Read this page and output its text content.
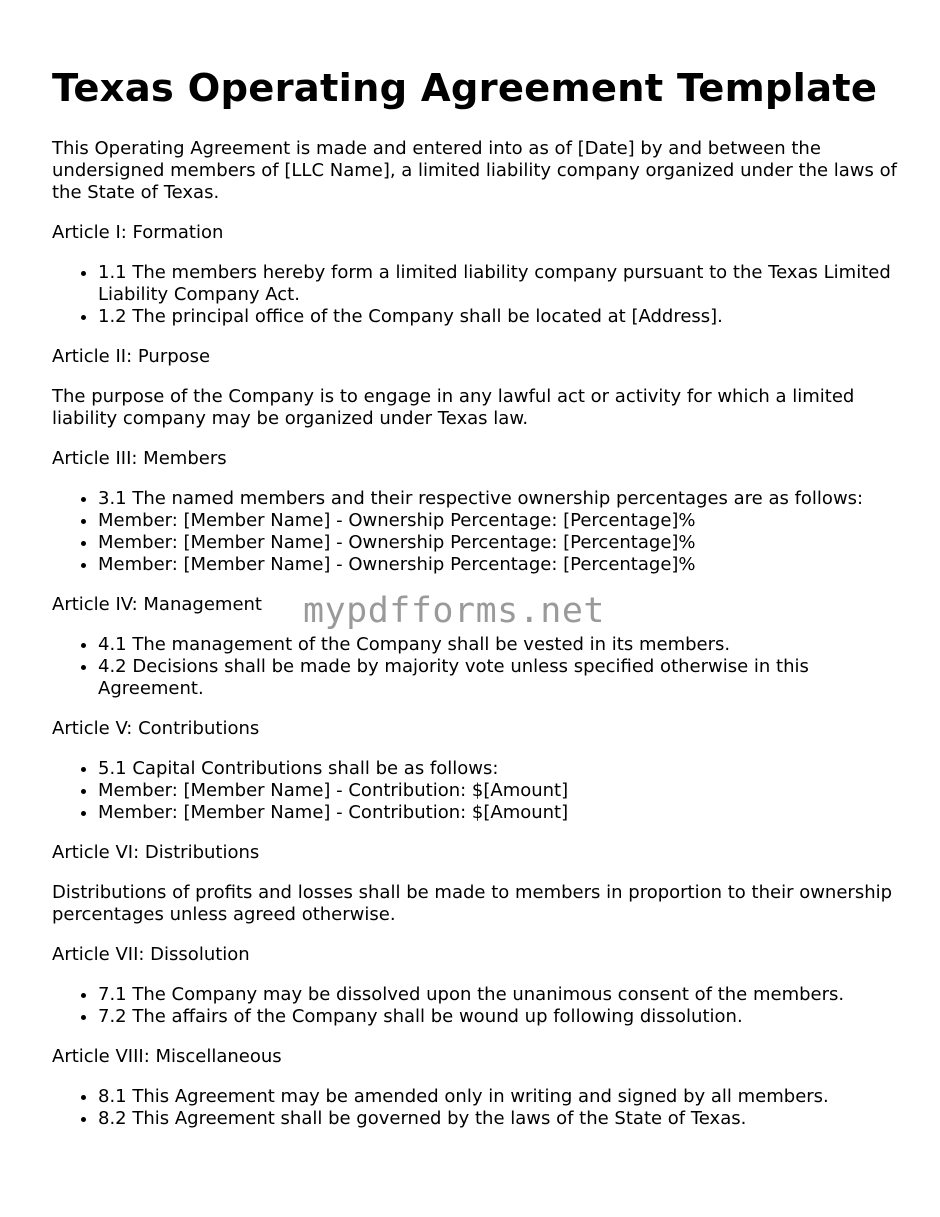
Texas Operating Agreement Template

This Operating Agreement is made and entered into as of [Date] by and between the undersigned members of [LLC Name], a limited liability company organized under the laws of the State of Texas.

Article I: Formation

• 1.1 The members hereby form a limited liability company pursuant to the Texas Limited Liability Company Act.
• 1.2 The principal office of the Company shall be located at [Address].

Article II: Purpose

The purpose of the Company is to engage in any lawful act or activity for which a limited liability company may be organized under Texas law.

Article III: Members

• 3.1 The named members and their respective ownership percentages are as follows:
• Member: [Member Name] - Ownership Percentage: [Percentage]%
• Member: [Member Name] - Ownership Percentage: [Percentage]%
• Member: [Member Name] - Ownership Percentage: [Percentage]%

Article IV: Management

• 4.1 The management of the Company shall be vested in its members.
• 4.2 Decisions shall be made by majority vote unless specified otherwise in this Agreement.

Article V: Contributions

• 5.1 Capital Contributions shall be as follows:
• Member: [Member Name] - Contribution: $[Amount]
• Member: [Member Name] - Contribution: $[Amount]

Article VI: Distributions

Distributions of profits and losses shall be made to members in proportion to their ownership percentages unless agreed otherwise.

Article VII: Dissolution

• 7.1 The Company may be dissolved upon the unanimous consent of the members.
• 7.2 The affairs of the Company shall be wound up following dissolution.

Article VIII: Miscellaneous

• 8.1 This Agreement may be amended only in writing and signed by all members.
• 8.2 This Agreement shall be governed by the laws of the State of Texas.
mypdfforms.net
